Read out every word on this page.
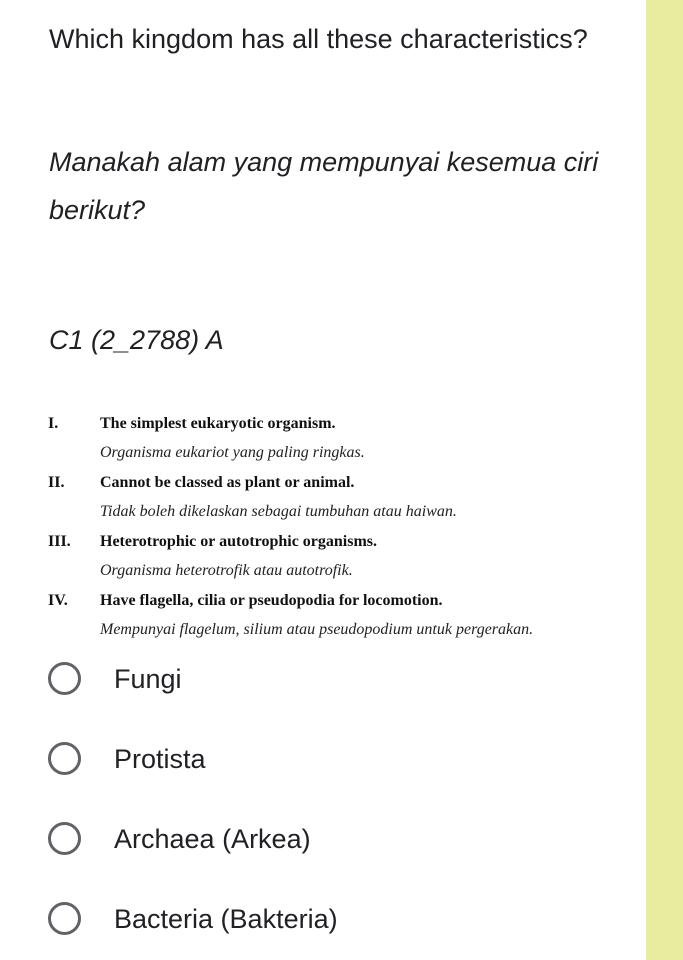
Which kingdom has all these characteristics?
Manakah alam yang mempunyai kesemua ciri berikut?
C1 (2_2788) A
I.	The simplest eukaryotic organism.
Organisma eukariot yang paling ringkas.
II.	Cannot be classed as plant or animal.
Tidak boleh dikelaskan sebagai tumbuhan atau haiwan.
III.	Heterotrophic or autotrophic organisms.
Organisma heterotrofik atau autotrofik.
IV.	Have flagella, cilia or pseudopodia for locomotion.
Mempunyai flagelum, silium atau pseudopodium untuk pergerakan.
Fungi
Protista
Archaea (Arkea)
Bacteria (Bakteria)
